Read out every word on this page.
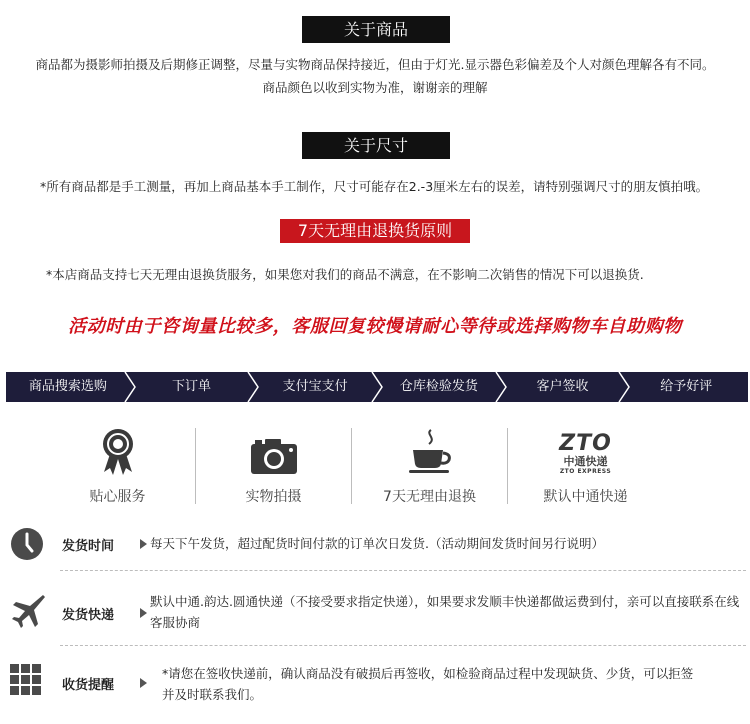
关于商品
商品都为摄影师拍摄及后期修正调整，尽量与实物商品保持接近，但由于灯光.显示器色彩偏差及个人对颜色理解各有不同。
商品颜色以收到实物为准，谢谢亲的理解
关于尺寸
*所有商品都是手工测量，再加上商品基本手工制作，尺寸可能存在2.-3厘米左右的误差，请特别强调尺寸的朋友慎拍哦。
7天无理由退换货原则
*本店商品支持七天无理由退换货服务，如果您对我们的商品不满意，在不影响二次销售的情况下可以退换货.
活动时由于咨询量比较多，客服回复较慢请耐心等待或选择购物车自助购物
商品搜索选购	下订单	支付宝支付	仓库检验发货	客户签收	给予好评
贴心服务	实物拍摄	7天无理由退换
ZTO
中通快递
ZTO EXPRESS
默认中通快递
发货时间	每天下午发货，超过配货时间付款的订单次日发货.（活动期间发货时间另行说明）
发货快递
默认中通.韵达.圆通快递（不接受要求指定快递），如果要求发顺丰快递都做运费到付，亲可以直接联系在线客服协商
收货提醒
*请您在签收快递前，确认商品没有破损后再签收，如检验商品过程中发现缺货、少货，可以拒签并及时联系我们。
